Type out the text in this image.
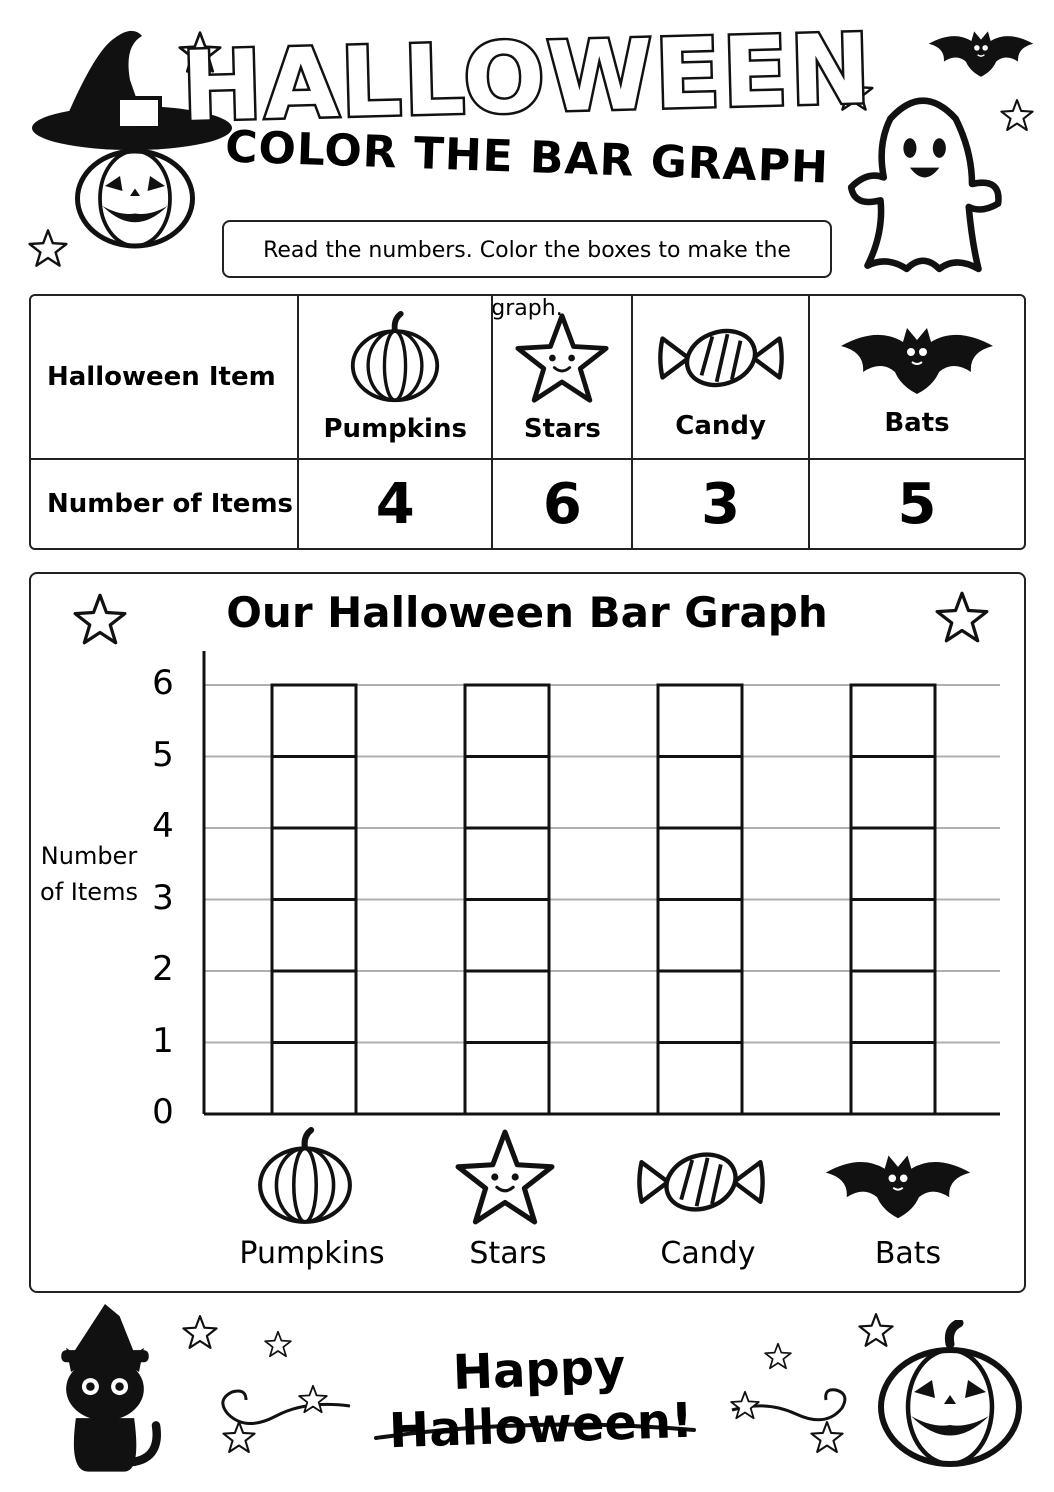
HALLOWEEN
COLOR THE BAR GRAPH
Read the numbers. Color the boxes to make the graph.
Halloween Item	Pumpkins	Stars	Candy	Bats

Number of Items	4	6	3	5
Our Halloween Bar Graph
Number of Items
0
1
2
3
4
5
6
Pumpkins	Stars	Candy	Bats
Happy Halloween!
